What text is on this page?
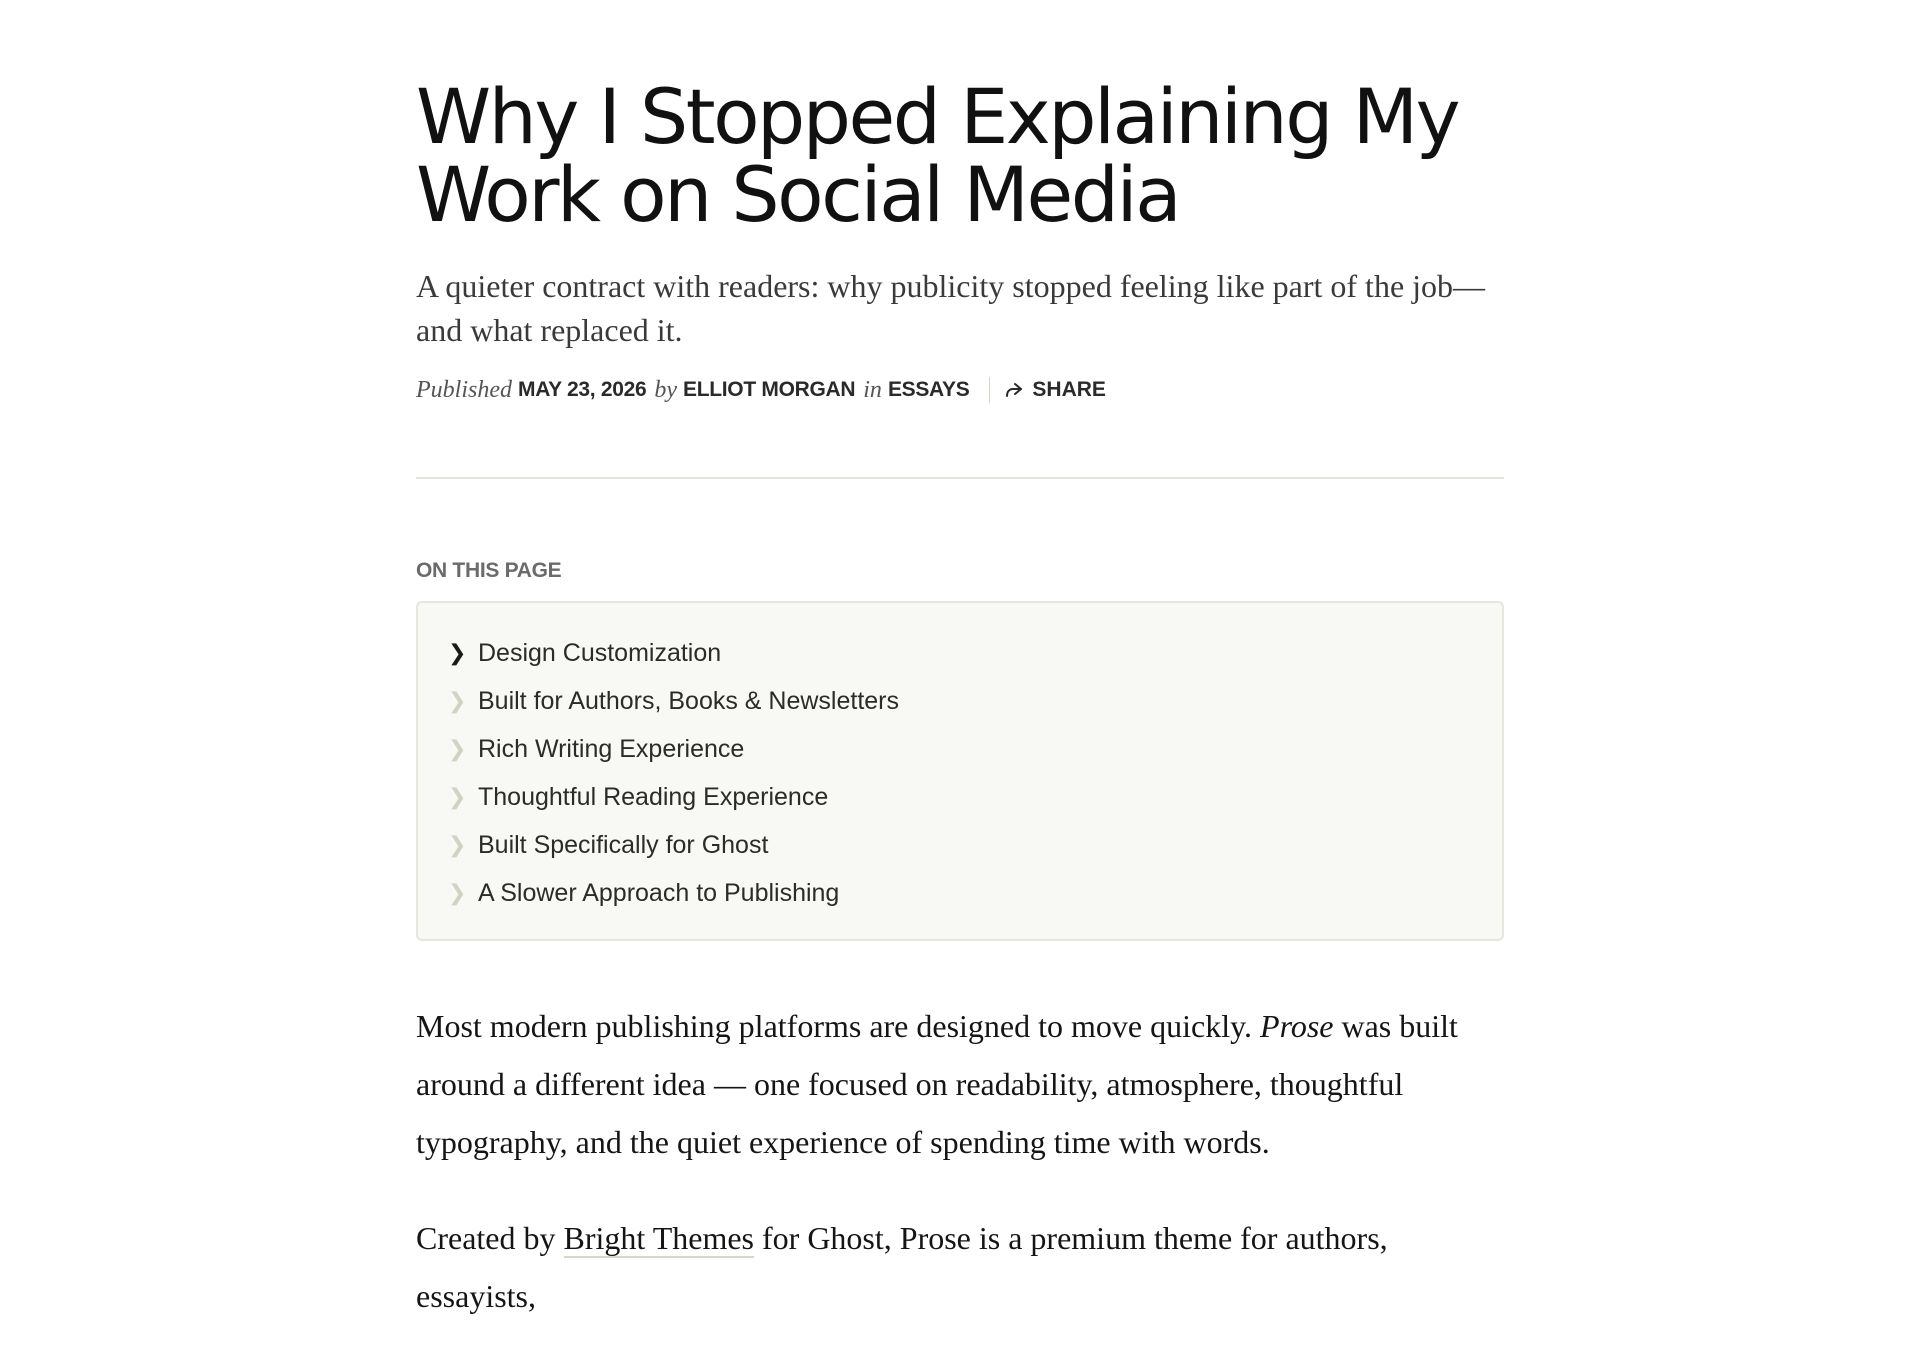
Why I Stopped Explaining My Work on Social Media

A quieter contract with readers: why publicity stopped feeling like part of the job—and what replaced it.

Published MAY 23, 2026 by ELLIOT MORGAN in ESSAYS	SHARE
ON THIS PAGE
❯ Design Customization
❯ Built for Authors, Books & Newsletters
❯ Rich Writing Experience
❯ Thoughtful Reading Experience
❯ Built Specifically for Ghost
❯ A Slower Approach to Publishing

Most modern publishing platforms are designed to move quickly. Prose was built around a different idea — one focused on readability, atmosphere, thoughtful typography, and the quiet experience of spending time with words.

Created by Bright Themes for Ghost, Prose is a premium theme for authors, essayists,
